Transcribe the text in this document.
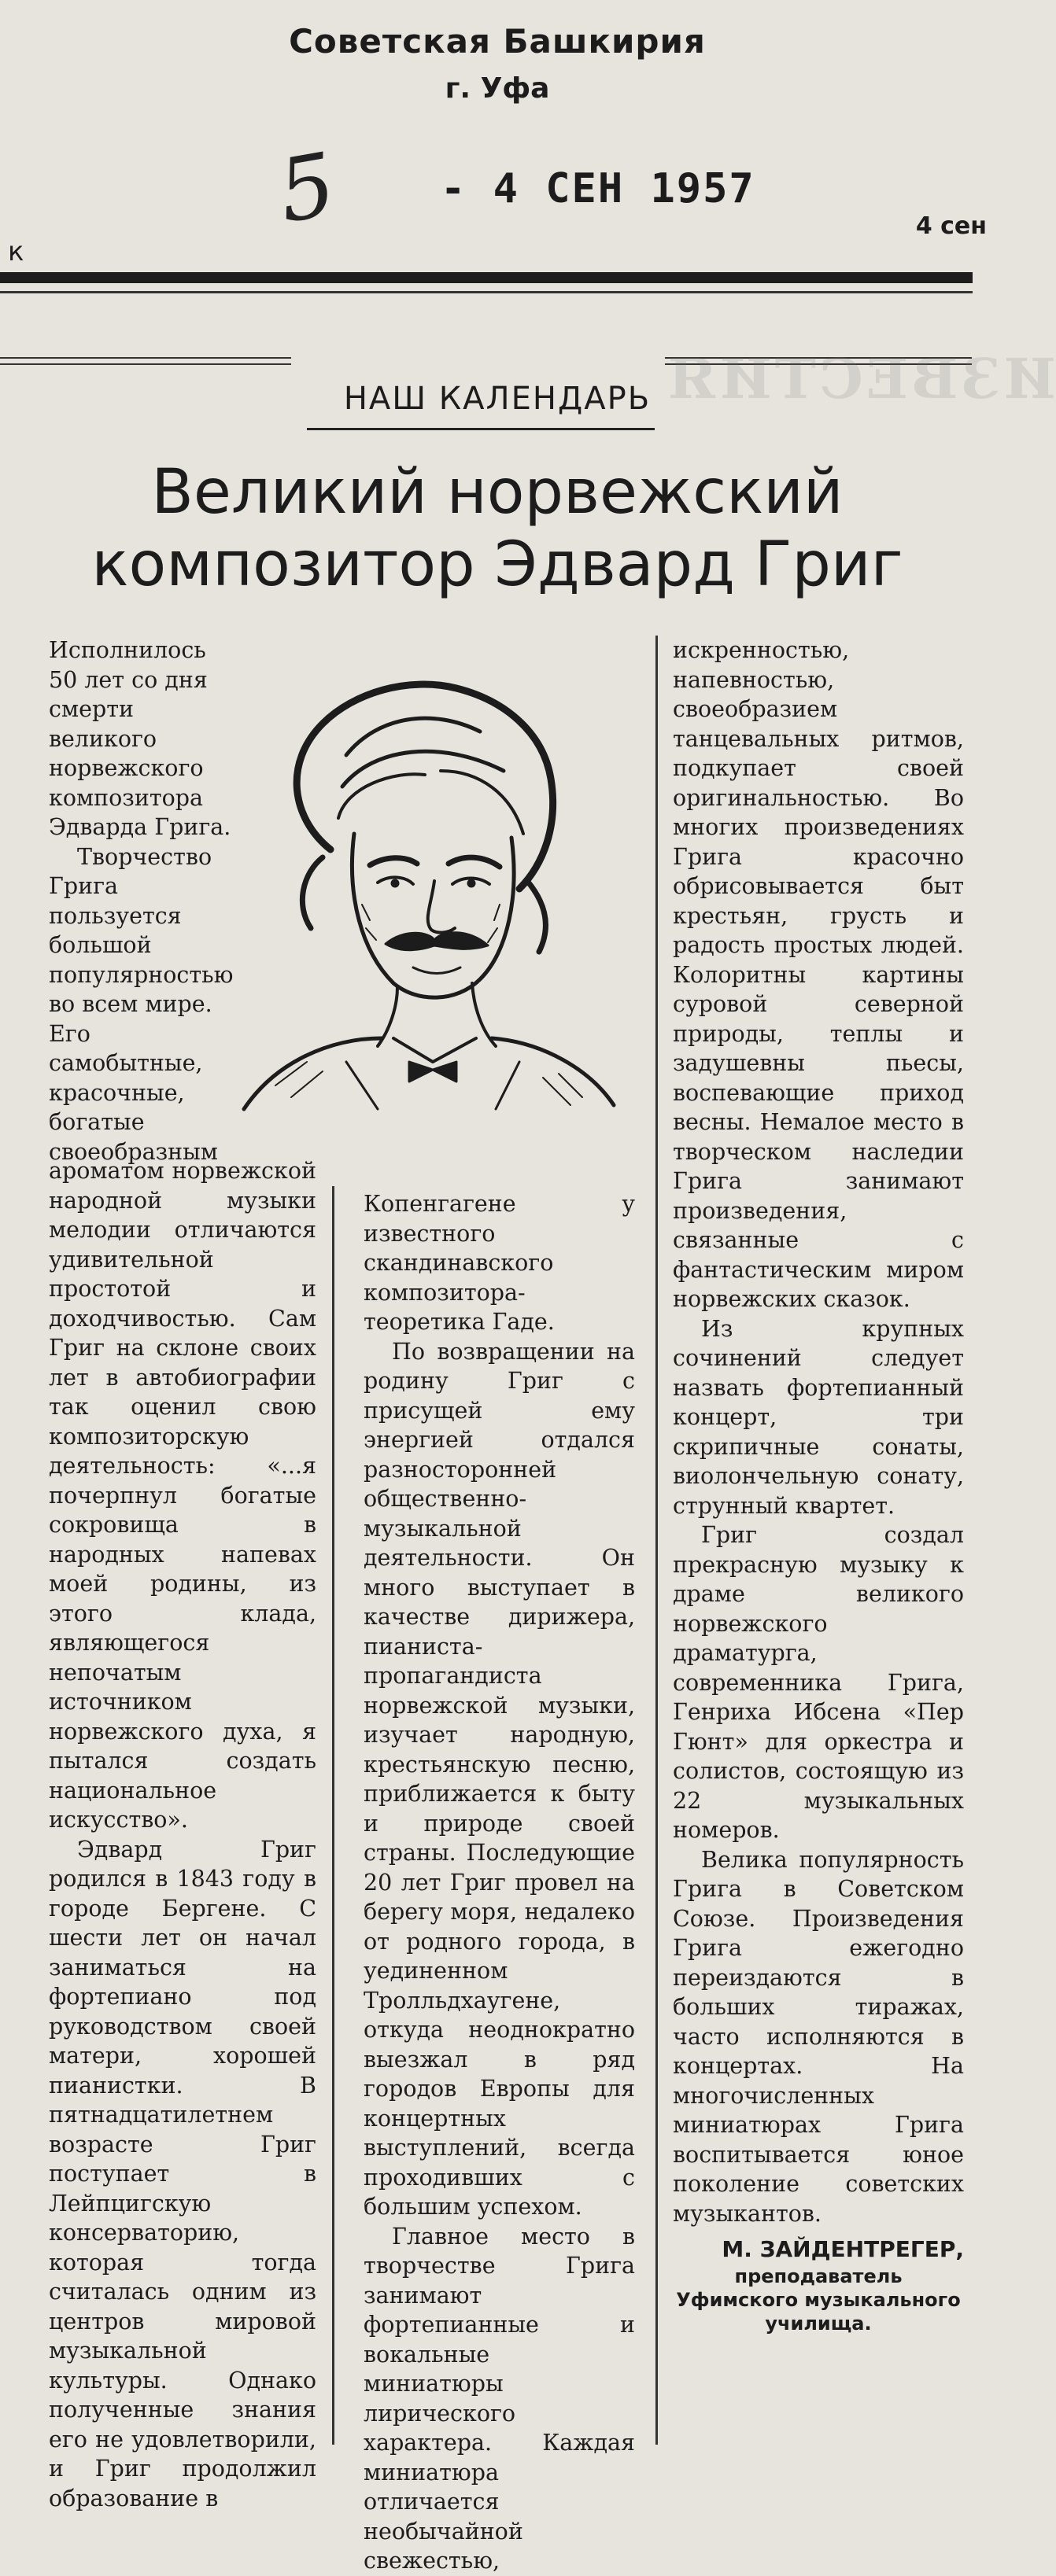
Советская Башкирия
г. Уфа
5 - 4 СЕН 1957
4 сен
к
ИЗВЕСТИЯ
НАШ КАЛЕНДАРЬ
Великий норвежский
композитор Эдвард Григ

Исполнилось 50 лет со дня смерти великого норвежского композитора Эдварда Грига.

Творчество Грига пользуется большой популярностью во всем мире. Его самобытные, красочные, богатые своеобразным

ароматом норвежской народной музыки мелодии отличаются удивительной простотой и доходчивостью. Сам Григ на склоне своих лет в автобиографии так оценил свою композиторскую деятельность: «...я почерпнул богатые сокровища в народных напевах моей родины, из этого клада, являющегося непочатым источником норвежского духа, я пытался создать национальное искусство».

Эдвард Григ родился в 1843 году в городе Бергене. С шести лет он начал заниматься на фортепиано под руководством своей матери, хорошей пианистки. В пятнадцатилетнем возрасте Григ поступает в Лейпцигскую консерваторию, которая тогда считалась одним из центров мировой музыкальной культуры. Однако полученные знания его не удовлетворили, и Григ продолжил образование в

Копенгагене у известного скандинавского композитора-теоретика Гаде.

По возвращении на родину Григ с присущей ему энергией отдался разносторонней общественно-музыкальной деятельности. Он много выступает в качестве дирижера, пианиста-пропагандиста норвежской музыки, изучает народную, крестьянскую песню, приближается к быту и природе своей страны. Последующие 20 лет Григ провел на берегу моря, недалеко от родного города, в уединенном Тролльдхаугене, откуда неоднократно выезжал в ряд городов Европы для концертных выступлений, всегда проходивших с большим успехом.

Главное место в творчестве Грига занимают фортепианные и вокальные миниатюры лирического характера. Каждая миниатюра отличается необычайной свежестью,

искренностью, напевностью, своеобразием танцевальных ритмов, подкупает своей оригинальностью. Во многих произведениях Грига красочно обрисовывается быт крестьян, грусть и радость простых людей. Колоритны картины суровой северной природы, теплы и задушевны пьесы, воспевающие приход весны. Немалое место в творческом наследии Грига занимают произведения, связанные с фантастическим миром норвежских сказок.

Из крупных сочинений следует назвать фортепианный концерт, три скрипичные сонаты, виолончельную сонату, струнный квартет.

Григ создал прекрасную музыку к драме великого норвежского драматурга, современника Грига, Генриха Ибсена «Пер Гюнт» для оркестра и солистов, состоящую из 22 музыкальных номеров.

Велика популярность Грига в Советском Союзе. Произведения Грига ежегодно переиздаются в больших тиражах, часто исполняются в концертах. На многочисленных миниатюрах Грига воспитывается юное поколение советских музыкантов.

М. ЗАЙДЕНТРЕГЕР,
преподаватель Уфимского музыкального училища.
